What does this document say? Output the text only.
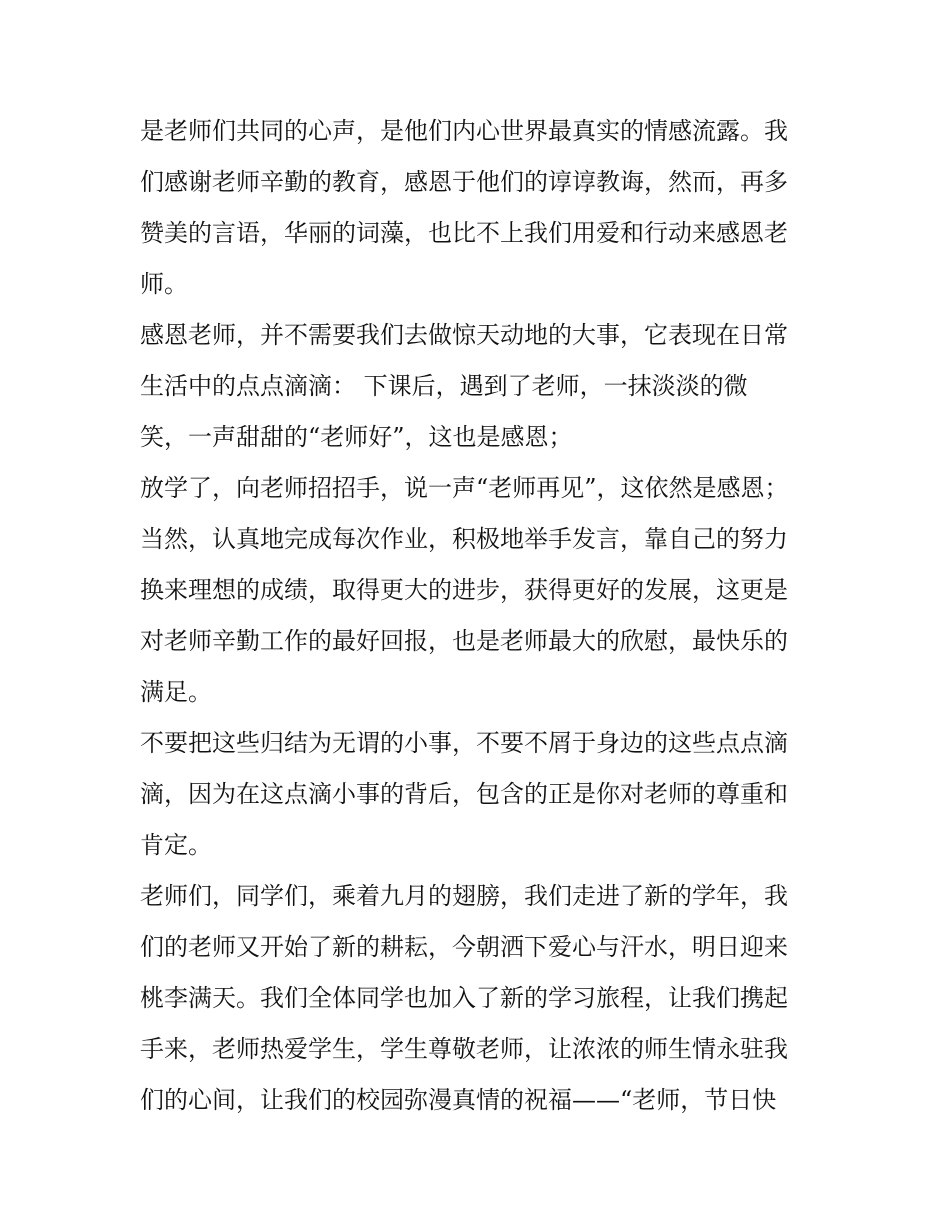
是老师们共同的心声，是他们内心世界最真实的情感流露。我
们感谢老师辛勤的教育，感恩于他们的谆谆教诲，然而，再多
赞美的言语，华丽的词藻，也比不上我们用爱和行动来感恩老
师。
感恩老师，并不需要我们去做惊天动地的大事，它表现在日常
生活中的点点滴滴： 下课后，遇到了老师，一抹淡淡的微
笑，一声甜甜的“老师好”，这也是感恩；
放学了，向老师招招手，说一声“老师再见”，这依然是感恩；
当然，认真地完成每次作业，积极地举手发言，靠自己的努力
换来理想的成绩，取得更大的进步，获得更好的发展，这更是
对老师辛勤工作的最好回报，也是老师最大的欣慰，最快乐的
满足。
不要把这些归结为无谓的小事，不要不屑于身边的这些点点滴
滴，因为在这点滴小事的背后，包含的正是你对老师的尊重和
肯定。
老师们，同学们，乘着九月的翅膀，我们走进了新的学年，我
们的老师又开始了新的耕耘，今朝洒下爱心与汗水，明日迎来
桃李满天。我们全体同学也加入了新的学习旅程，让我们携起
手来，老师热爱学生，学生尊敬老师，让浓浓的师生情永驻我
们的心间，让我们的校园弥漫真情的祝福——“老师，节日快
